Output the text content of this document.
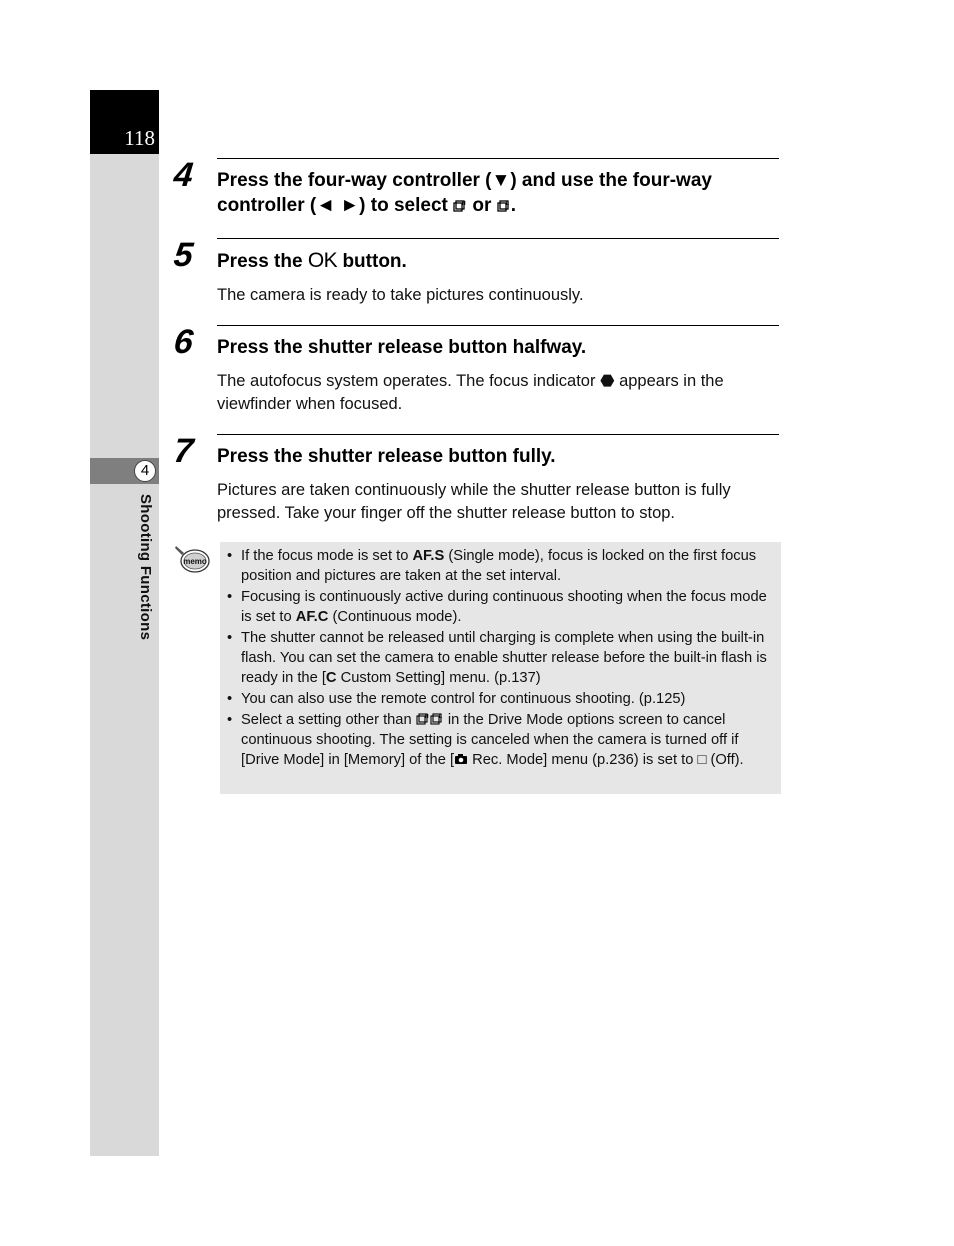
118
4
Shooting Functions
4 Press the four-way controller (▼) and use the four-way controller (◄ ►) to select	H or	L .
5 Press the OK button.
The camera is ready to take pictures continuously.
6 Press the shutter release button halfway.
The autofocus system operates. The focus indicator ⬣ appears in the viewfinder when focused.
7 Press the shutter release button fully.
Pictures are taken continuously while the shutter release button is fully pressed. Take your finger off the shutter release button to stop.
memo
•	If the focus mode is set to AF.S (Single mode), focus is locked on the first focus position and pictures are taken at the set interval.
• Focusing is continuously active during continuous shooting when the focus mode is set to AF.C (Continuous mode).
• The shutter cannot be released until charging is complete when using the built-in flash. You can set the camera to enable shutter release before the built-in flash is ready in the [C Custom Setting] menu. (p.137)
• You can also use the remote control for continuous shooting. (p.125)
• Select a setting other than	H L in the Drive Mode options screen to cancel continuous shooting. The setting is canceled when the camera is turned off if [Drive Mode] in [Memory] of the [ Rec. Mode] menu (p.236) is set to □ (Off).
